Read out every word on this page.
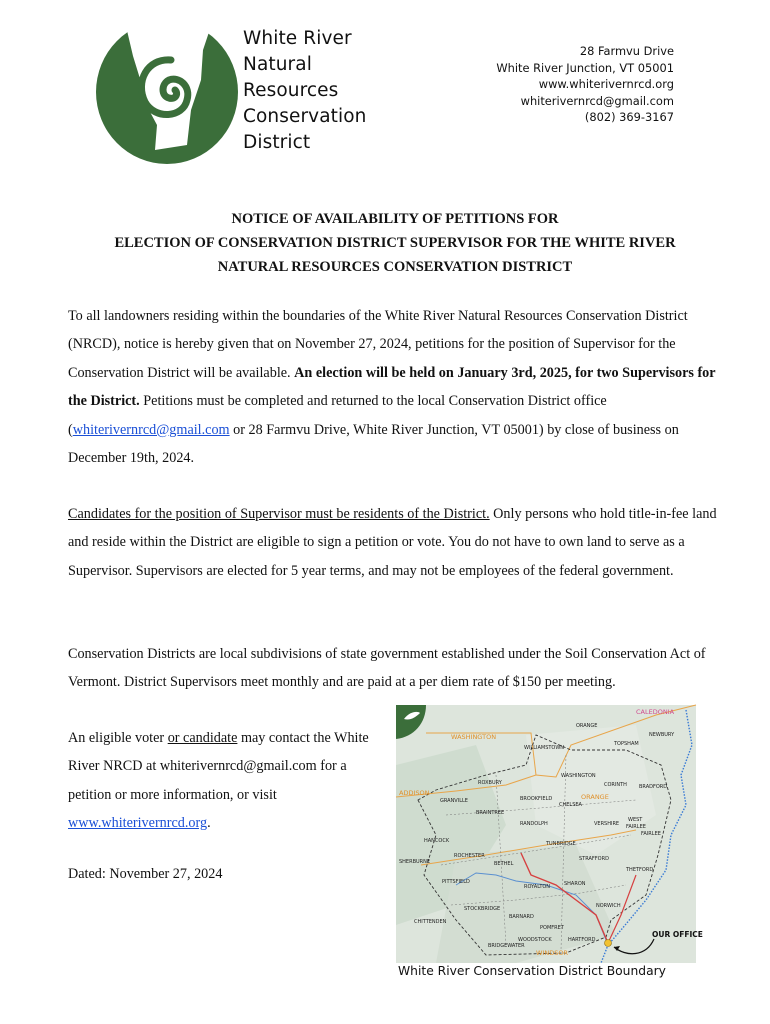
White River
Natural
Resources
Conservation
District
28 Farmvu Drive
White River Junction, VT 05001
www.whiterivernrcd.org
whiterivernrcd@gmail.com
(802) 369-3167
NOTICE OF AVAILABILITY OF PETITIONS FOR
ELECTION OF CONSERVATION DISTRICT SUPERVISOR FOR THE WHITE RIVER
NATURAL RESOURCES CONSERVATION DISTRICT
To all landowners residing within the boundaries of the White River Natural Resources Conservation District (NRCD), notice is hereby given that on November 27, 2024, petitions for the position of Supervisor for the Conservation District will be available. An election will be held on January 3rd, 2025, for two Supervisors for the District. Petitions must be completed and returned to the local Conservation District office (whiterivernrcd@gmail.com or 28 Farmvu Drive, White River Junction, VT 05001) by close of business on December 19th, 2024.
Candidates for the position of Supervisor must be residents of the District. Only persons who hold title-in-fee land and reside within the District are eligible to sign a petition or vote. You do not have to own land to serve as a Supervisor. Supervisors are elected for 5 year terms, and may not be employees of the federal government.
Conservation Districts are local subdivisions of state government established under the Soil Conservation Act of Vermont. District Supervisors meet monthly and are paid at a per diem rate of $150 per meeting.
An eligible voter or candidate may contact the White River NRCD at whiterivernrcd@gmail.com for a petition or more information, or visit www.whiterivernrcd.org.
Dated: November 27, 2024
CALEDONIA
WASHINGTON
ADDISON	ORANGE
WINDSOR
ORANGE
TOPSHAM
NEWBURY
WILLIAMSTOWN
WASHINGTON
CORINTH BRADFORD
GRANVILLE
BRAINTREE
ROXBURY
BROOKFIELD
CHELSEA
RANDOLPH	VERSHIRE
WEST
FAIRLEE
FAIRLEE
HANCOCK	TUNBRIDGE
ROCHESTER	STRAFFORD
SHERBURNE	BETHEL
THETFORD
PITTSFIELD
ROYALTON	SHARON
NORWICH
STOCKBRIDGE
BARNARD
CHITTENDEN
POMFRET
HARTFORD
BRIDGEWATER
WOODSTOCK
OUR OFFICE
White River Conservation District Boundary
